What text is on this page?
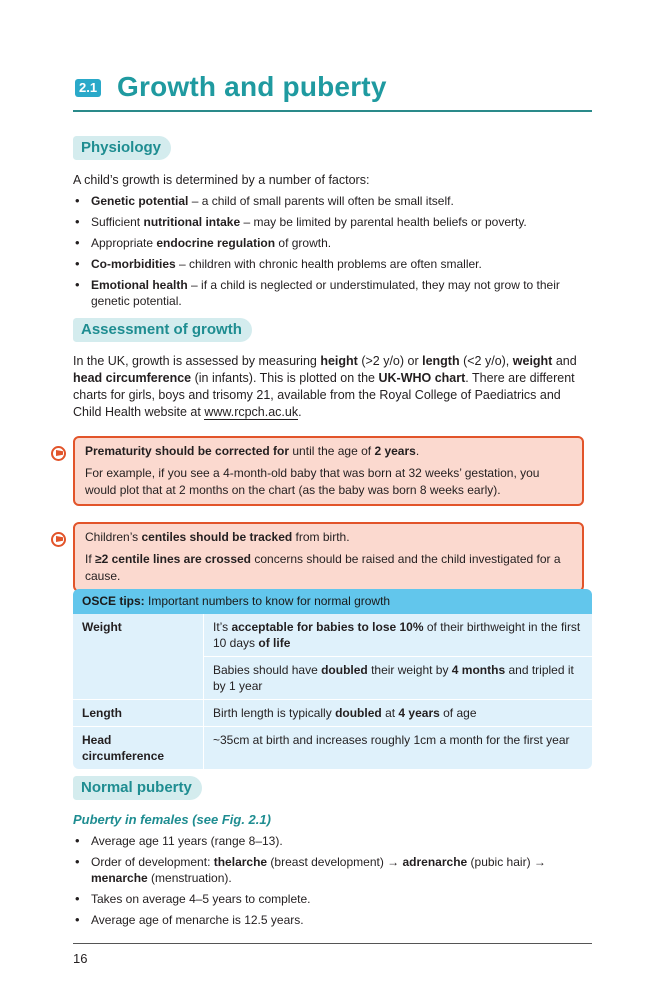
2.1 Growth and puberty
Physiology
A child’s growth is determined by a number of factors:
• Genetic potential – a child of small parents will often be small itself.
• Sufficient nutritional intake – may be limited by parental health beliefs or poverty.
• Appropriate endocrine regulation of growth.
• Co-morbidities – children with chronic health problems are often smaller.
• Emotional health – if a child is neglected or understimulated, they may not grow to their genetic potential.
Assessment of growth
In the UK, growth is assessed by measuring height (>2 y/o) or length (<2 y/o), weight and head circumference (in infants). This is plotted on the UK-WHO chart. There are different charts for girls, boys and trisomy 21, available from the Royal College of Paediatrics and Child Health website at www.rcpch.ac.uk.

Prematurity should be corrected for until the age of 2 years.

For example, if you see a 4-month-old baby that was born at 32 weeks’ gestation, you would plot that at 2 months on the chart (as the baby was born 8 weeks early).

Children’s centiles should be tracked from birth.

If ≥2 centile lines are crossed concerns should be raised and the child investigated for a cause.

OSCE tips: Important numbers to know for normal growth
Weight	It’s acceptable for babies to lose 10% of their birthweight in the first 10 days of life
	Babies should have doubled their weight by 4 months and tripled it by 1 year
Length	Birth length is typically doubled at 4 years of age
Head circumference	~35cm at birth and increases roughly 1cm a month for the first year
Normal puberty
Puberty in females (see Fig. 2.1)
• Average age 11 years (range 8–13).
• Order of development: thelarche (breast development) → adrenarche (pubic hair) → menarche (menstruation).
• Takes on average 4–5 years to complete.
• Average age of menarche is 12.5 years.
16
